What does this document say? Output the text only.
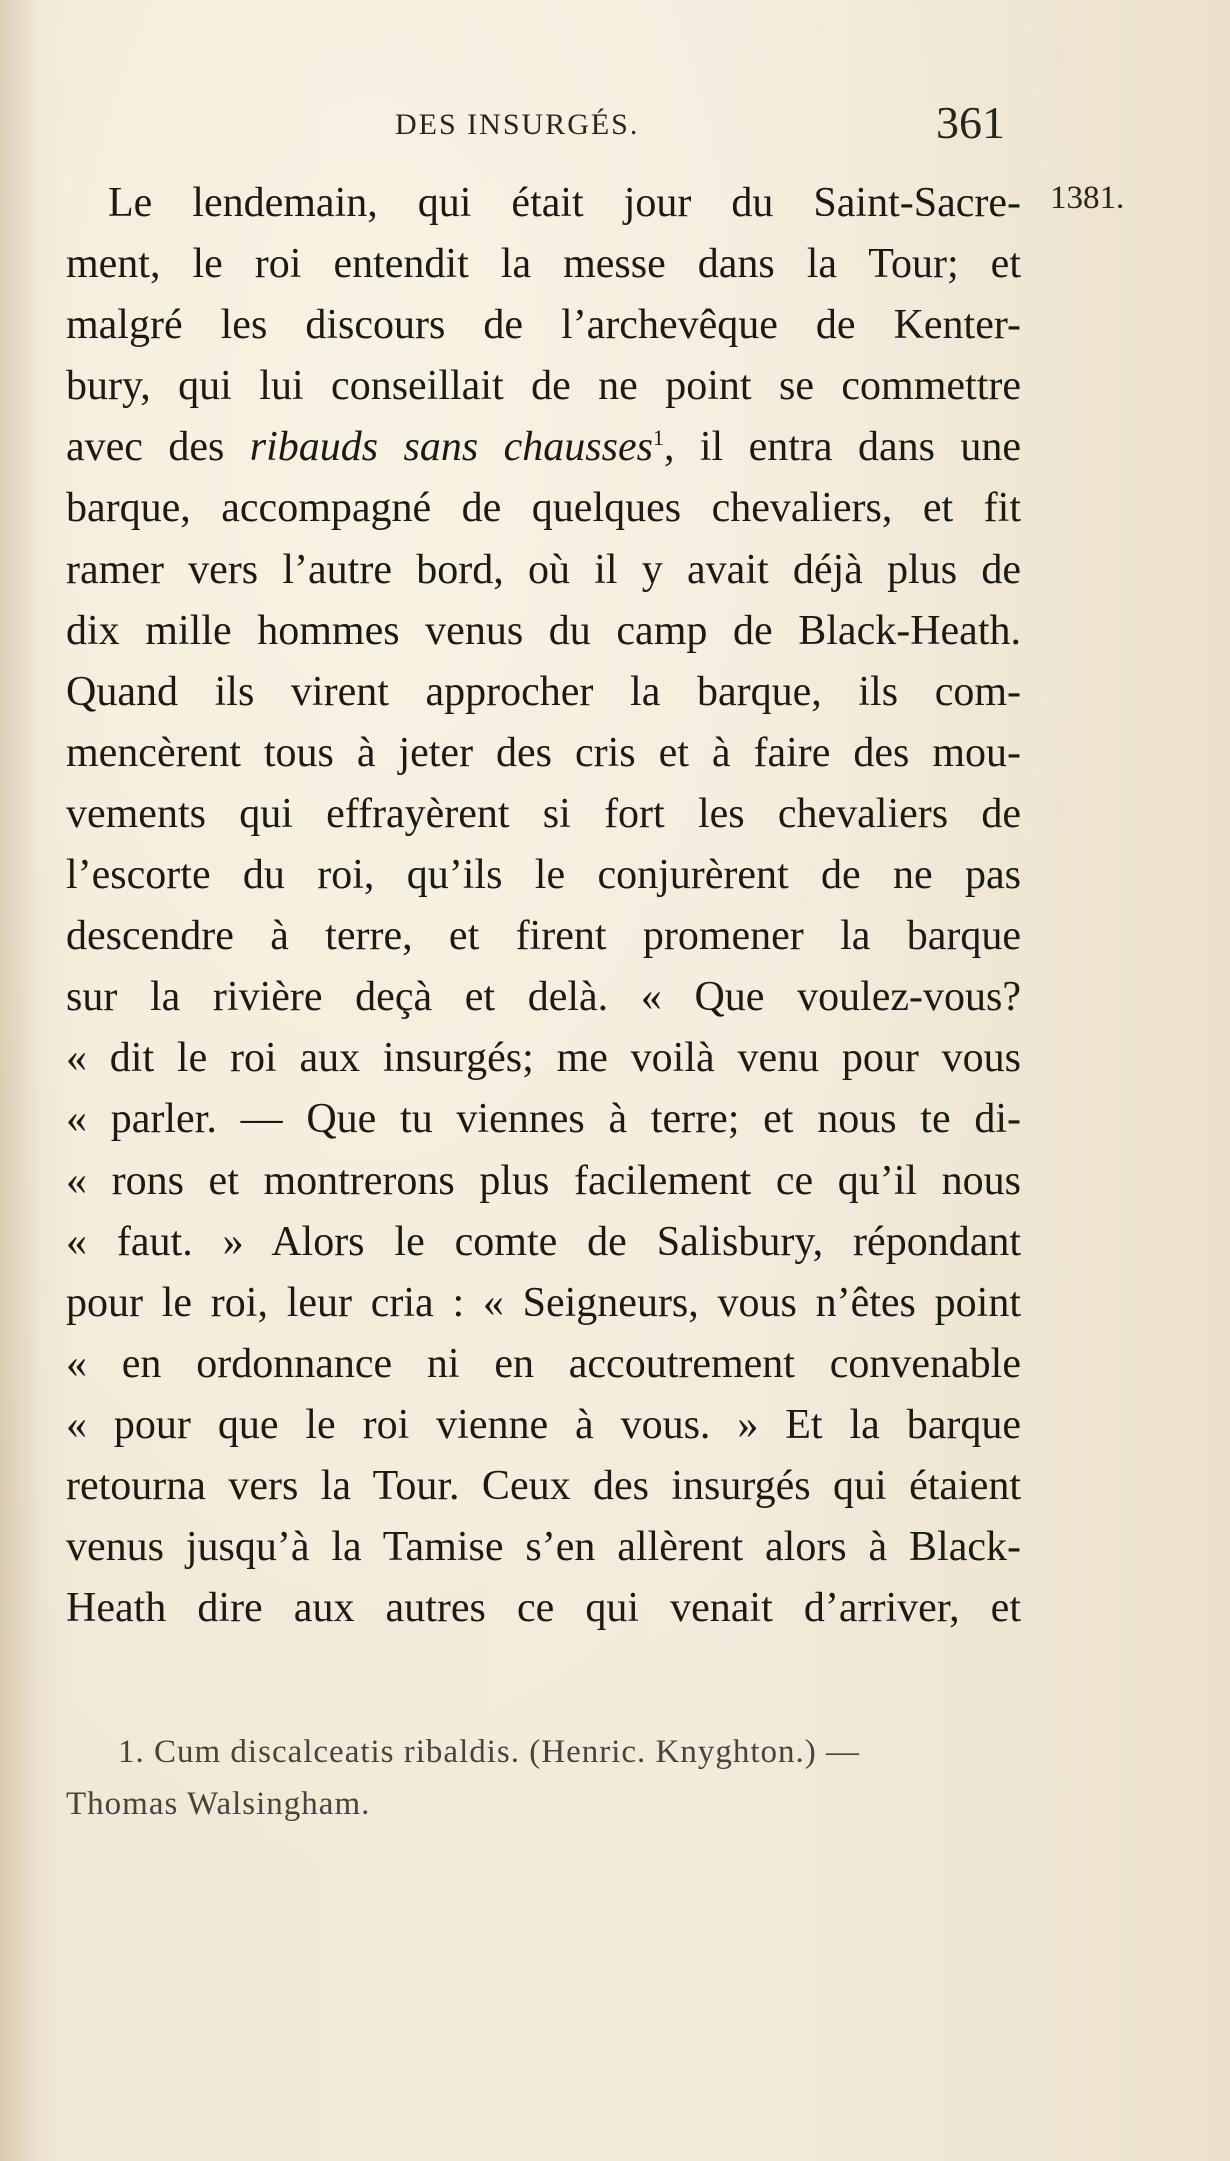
DES INSURGÉS.	361
1381.
Le lendemain, qui était jour du Saint-Sacre-
ment, le roi entendit la messe dans la Tour; et
malgré les discours de l’archevêque de Kenter-
bury, qui lui conseillait de ne point se commettre
avec des ribauds sans chausses$^1$, il entra dans une
barque, accompagné de quelques chevaliers, et fit
ramer vers l’autre bord, où il y avait déjà plus de
dix mille hommes venus du camp de Black-Heath.
Quand ils virent approcher la barque, ils com-
mencèrent tous à jeter des cris et à faire des mou-
vements qui effrayèrent si fort les chevaliers de
l’escorte du roi, qu’ils le conjurèrent de ne pas
descendre à terre, et firent promener la barque
sur la rivière deçà et delà. « Que voulez-vous?
« dit le roi aux insurgés; me voilà venu pour vous
« parler. — Que tu viennes à terre; et nous te di-
« rons et montrerons plus facilement ce qu’il nous
« faut. » Alors le comte de Salisbury, répondant
pour le roi, leur cria : « Seigneurs, vous n’êtes point
« en ordonnance ni en accoutrement convenable
« pour que le roi vienne à vous. » Et la barque
retourna vers la Tour. Ceux des insurgés qui étaient
venus jusqu’à la Tamise s’en allèrent alors à Black-
Heath dire aux autres ce qui venait d’arriver, et
1. Cum discalceatis ribaldis. (Henric. Knyghton.) —
Thomas Walsingham.
